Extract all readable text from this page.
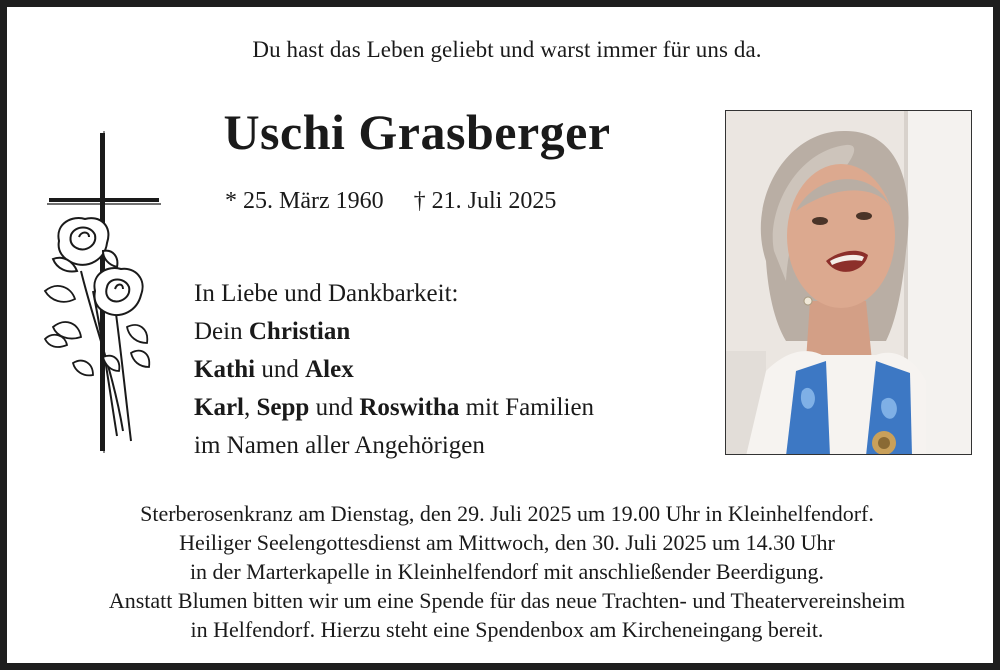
Du hast das Leben geliebt und warst immer für uns da.
Uschi Grasberger
* 25. März 1960 † 21. Juli 2025
In Liebe und Dankbarkeit:
Dein Christian
Kathi und Alex
Karl, Sepp und Roswitha mit Familien
im Namen aller Angehörigen
Sterberosenkranz am Dienstag, den 29. Juli 2025 um 19.00 Uhr in Kleinhelfendorf.
Heiliger Seelengottesdienst am Mittwoch, den 30. Juli 2025 um 14.30 Uhr
in der Marterkapelle in Kleinhelfendorf mit anschließender Beerdigung.
Anstatt Blumen bitten wir um eine Spende für das neue Trachten- und Theatervereinsheim
in Helfendorf. Hierzu steht eine Spendenbox am Kircheneingang bereit.
